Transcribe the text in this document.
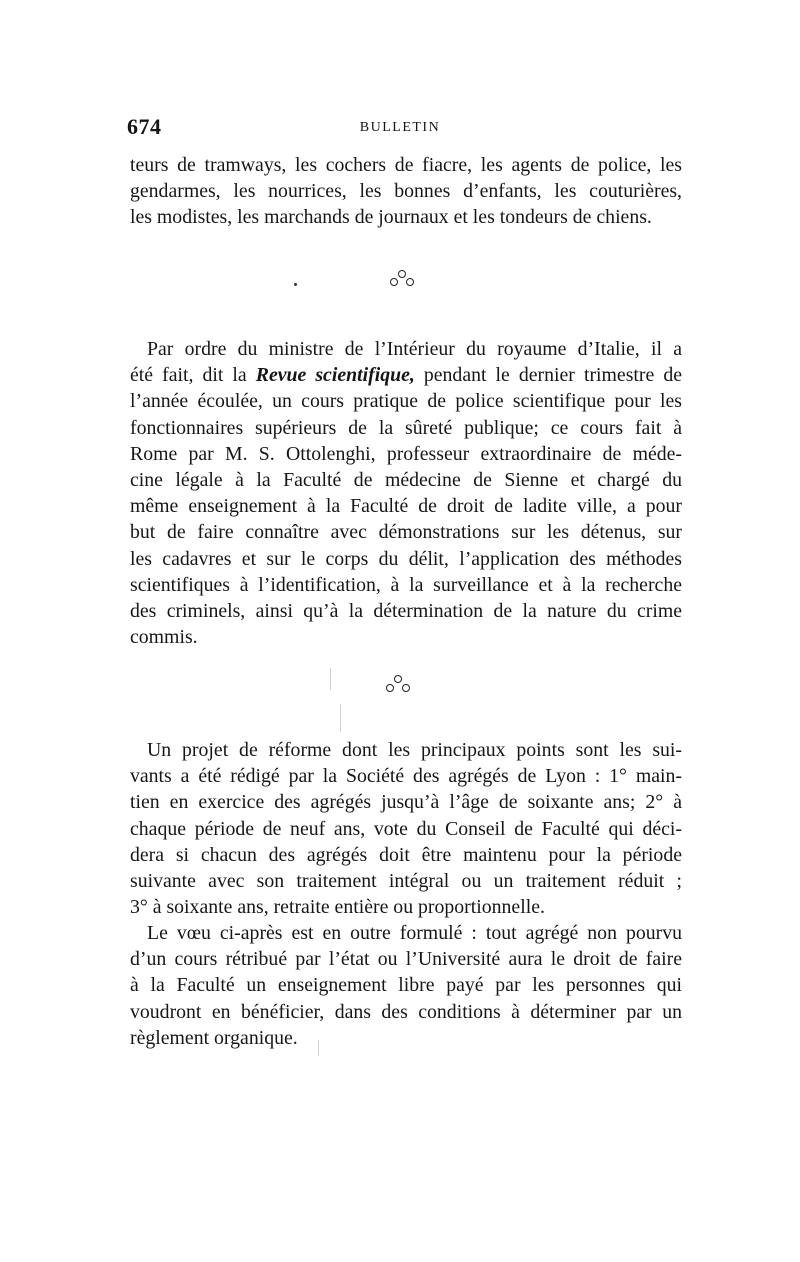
674	BULLETIN
teurs de tramways, les cochers de fiacre, les agents de police, les
gendarmes, les nourrices, les bonnes d’enfants, les couturières,
les modistes, les marchands de journaux et les tondeurs de chiens.
Par ordre du ministre de l’Intérieur du royaume d’Italie, il a
été fait, dit la Revue scientifique, pendant le dernier trimestre de
l’année écoulée, un cours pratique de police scientifique pour les
fonctionnaires supérieurs de la sûreté publique; ce cours fait à
Rome par M. S. Ottolenghi, professeur extraordinaire de méde-
cine légale à la Faculté de médecine de Sienne et chargé du
même enseignement à la Faculté de droit de ladite ville, a pour
but de faire connaître avec démonstrations sur les détenus, sur
les cadavres et sur le corps du délit, l’application des méthodes
scientifiques à l’identification, à la surveillance et à la recherche
des criminels, ainsi qu’à la détermination de la nature du crime
commis.
Un projet de réforme dont les principaux points sont les sui-
vants a été rédigé par la Société des agrégés de Lyon : 1° main-
tien en exercice des agrégés jusqu’à l’âge de soixante ans; 2° à
chaque période de neuf ans, vote du Conseil de Faculté qui déci-
dera si chacun des agrégés doit être maintenu pour la période
suivante avec son traitement intégral ou un traitement réduit ;
3° à soixante ans, retraite entière ou proportionnelle.
Le vœu ci-après est en outre formulé : tout agrégé non pourvu
d’un cours rétribué par l’état ou l’Université aura le droit de faire
à la Faculté un enseignement libre payé par les personnes qui
voudront en bénéficier, dans des conditions à déterminer par un
règlement organique.
